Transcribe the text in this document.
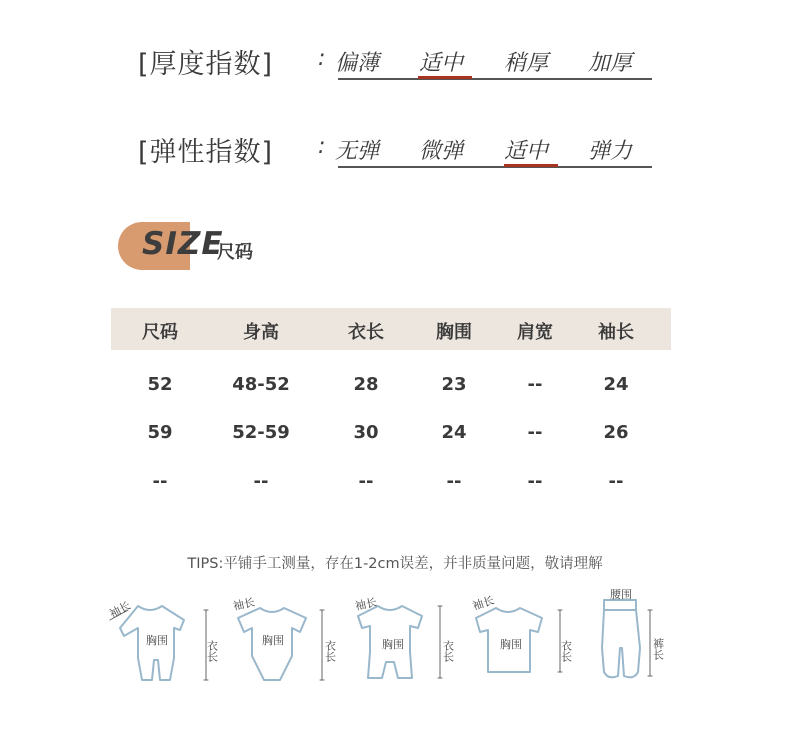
[厚度指数] : 偏薄 适中 稍厚 加厚
[弹性指数] : 无弹 微弹 适中 弹力
SIZE
尺码
尺码	身高	衣长	胸围	肩宽	袖长
52	48-52	28	23	--	24
59	52-59	30	24	--	26
--	--	--	--	--	--
TIPS:平铺手工测量，存在1-2cm误差，并非质量问题，敬请理解
袖长
胸围	衣长
袖长
胸围	衣长
袖长
胸围	衣长
袖长
胸围	衣长
腰围
裤长
